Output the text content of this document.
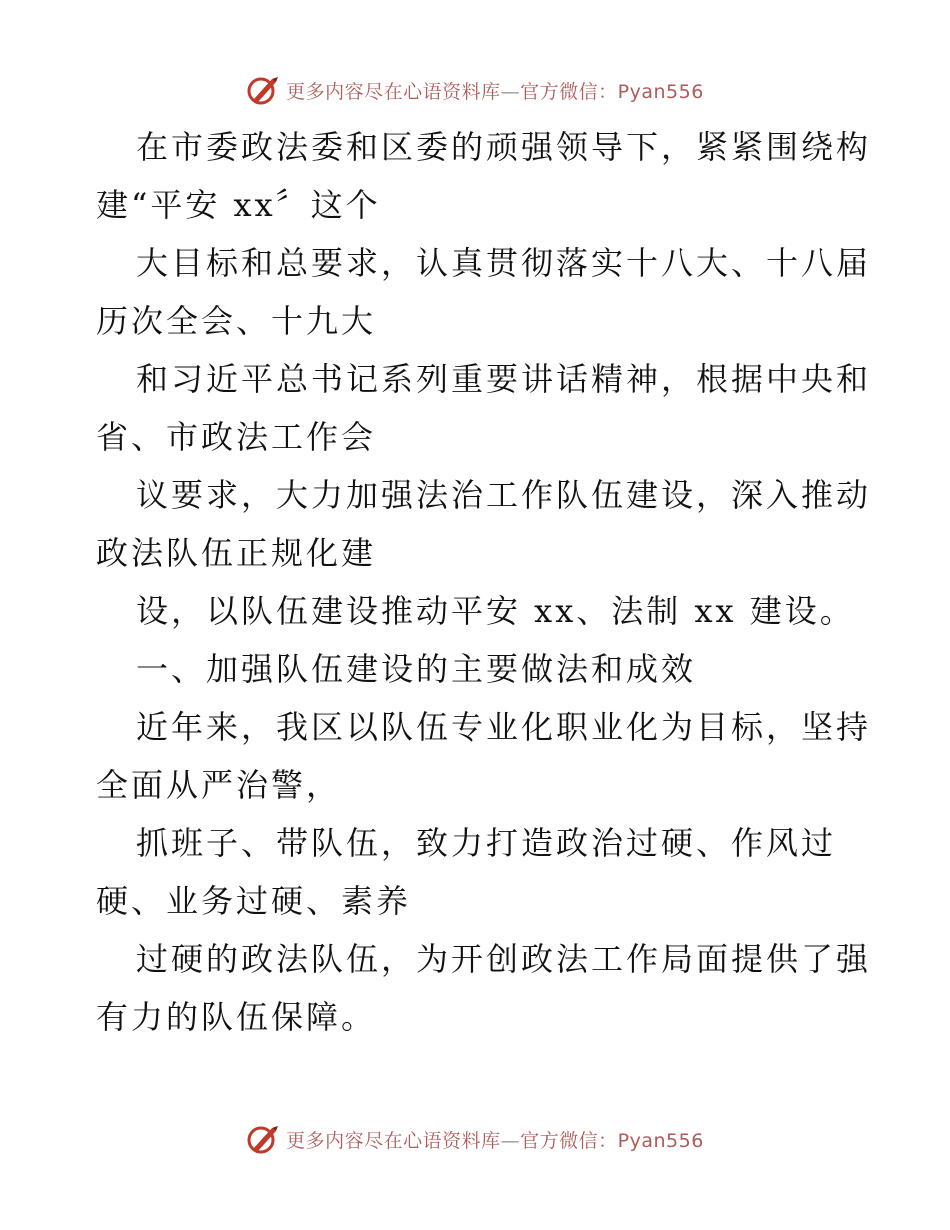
更多内容尽在心语资料库—官方微信：Pyan556
在市委政法委和区委的顽强领导下，紧紧围绕构
建“平安 xx〞这个
大目标和总要求，认真贯彻落实十八大、十八届
历次全会、十九大
和习近平总书记系列重要讲话精神，根据中央和
省、市政法工作会
议要求，大力加强法治工作队伍建设，深入推动
政法队伍正规化建
设，以队伍建设推动平安 xx、法制 xx 建设。
一、加强队伍建设的主要做法和成效
近年来，我区以队伍专业化职业化为目标，坚持
全面从严治警，
抓班子、带队伍，致力打造政治过硬、作风过
硬、业务过硬、素养
过硬的政法队伍，为开创政法工作局面提供了强
有力的队伍保障。
更多内容尽在心语资料库—官方微信：Pyan556
